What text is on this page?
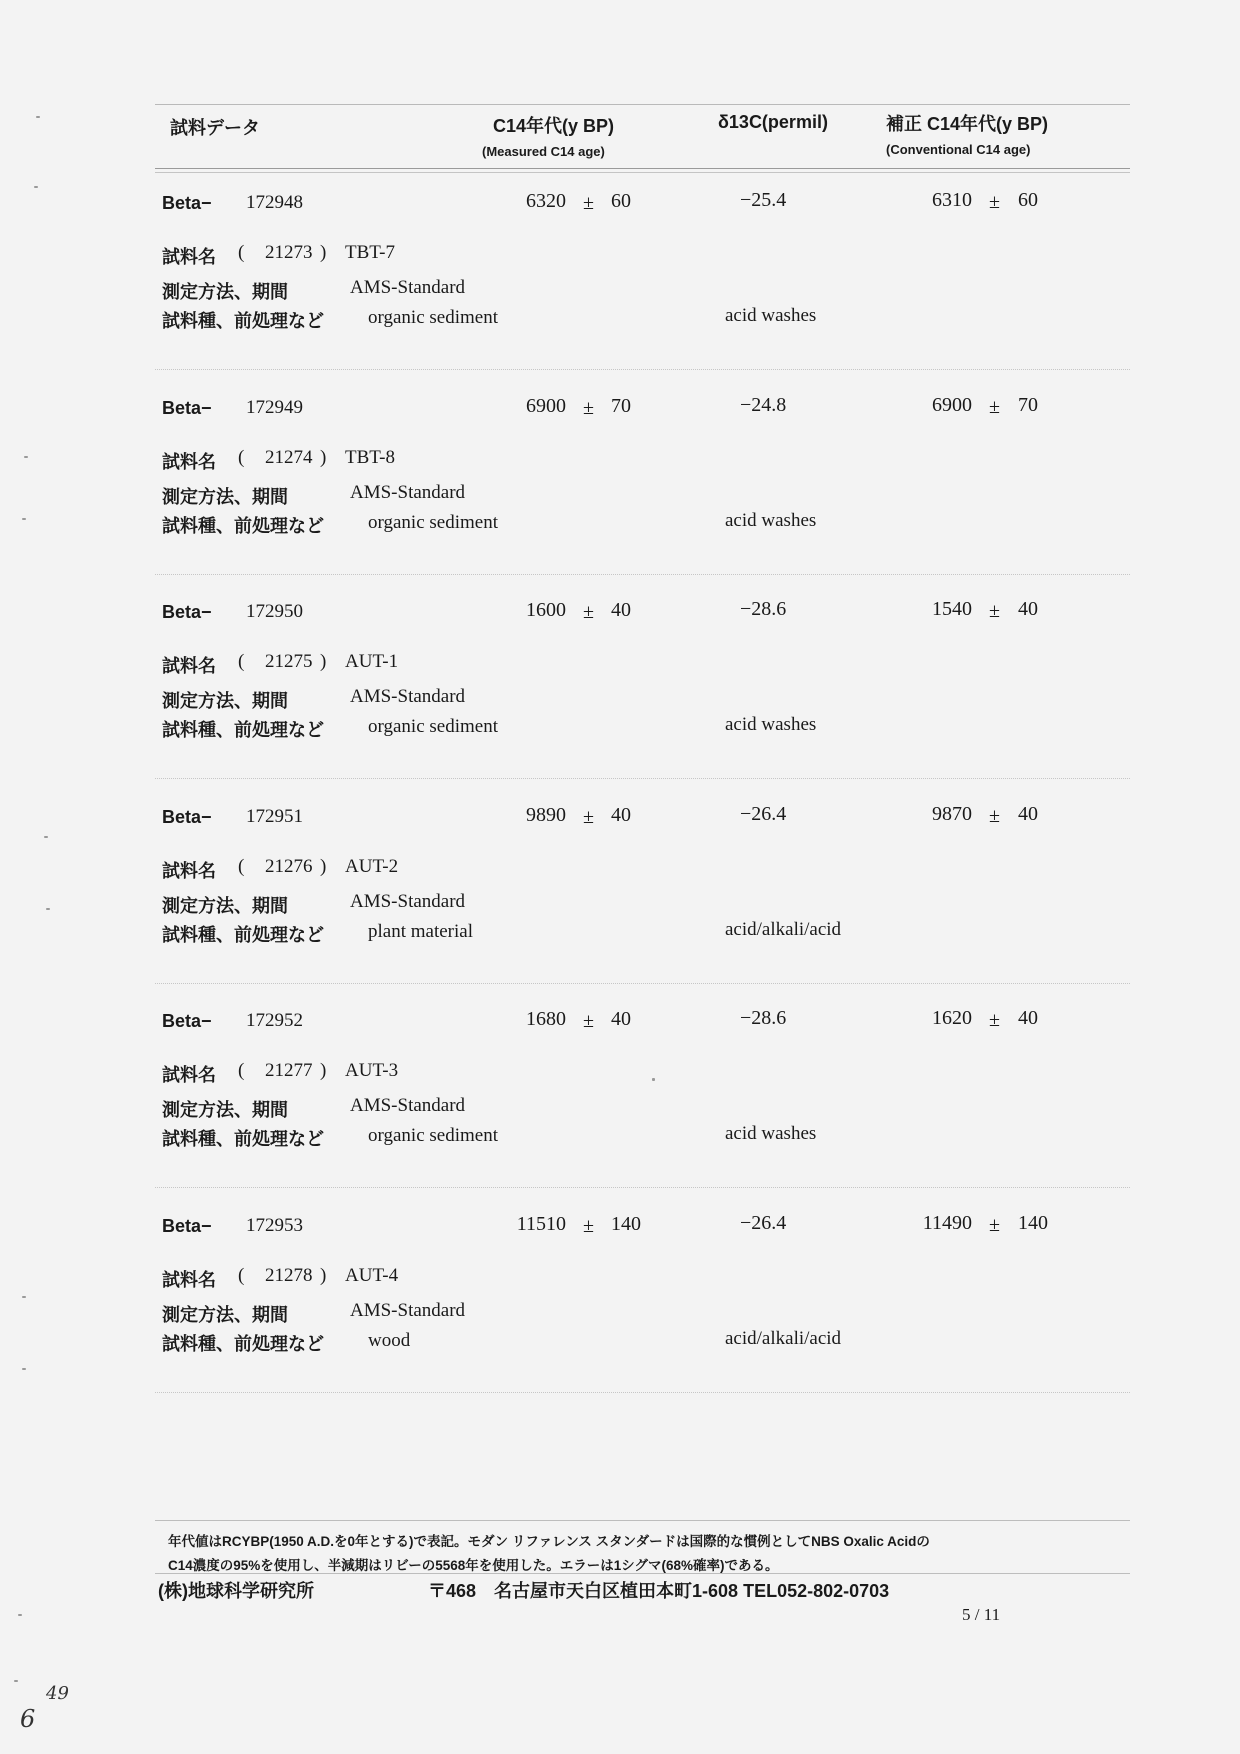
試料データ	C14年代(y BP)
(Measured C14 age)
δ13C(permil)	補正 C14年代(y BP)
(Conventional C14 age)
Beta− 172948	6320 ± 60	−25.4	6310 ± 60
試料名 ( 21273 ) TBT-7
測定方法、期間	AMS-Standard
試料種、前処理など organic sediment	acid washes
Beta− 172949	6900 ± 70	−24.8	6900 ± 70
試料名 ( 21274 ) TBT-8
測定方法、期間	AMS-Standard
試料種、前処理など organic sediment	acid washes
Beta− 172950	1600 ± 40	−28.6	1540 ± 40
試料名 ( 21275 ) AUT-1
測定方法、期間	AMS-Standard
試料種、前処理など organic sediment	acid washes
Beta− 172951	9890 ± 40	−26.4	9870 ± 40
試料名 ( 21276 ) AUT-2
測定方法、期間	AMS-Standard
試料種、前処理など plant material	acid/alkali/acid
Beta− 172952	1680 ± 40	−28.6	1620 ± 40
試料名 ( 21277 ) AUT-3
測定方法、期間	AMS-Standard
試料種、前処理など organic sediment	acid washes
Beta− 172953	11510 ± 140	−26.4	11490 ± 140
試料名 ( 21278 ) AUT-4
測定方法、期間	AMS-Standard
試料種、前処理など wood	acid/alkali/acid
年代値はRCYBP(1950 A.D.を0年とする)で表記。モダン リファレンス スタンダードは国際的な慣例としてNBS Oxalic Acidの
C14濃度の95%を使用し、半減期はリビーの5568年を使用した。エラーは1シグマ(68%確率)である。
(株)地球科学研究所	〒468　名古屋市天白区植田本町1-608 TEL052-802-0703
5 / 11
49
6
